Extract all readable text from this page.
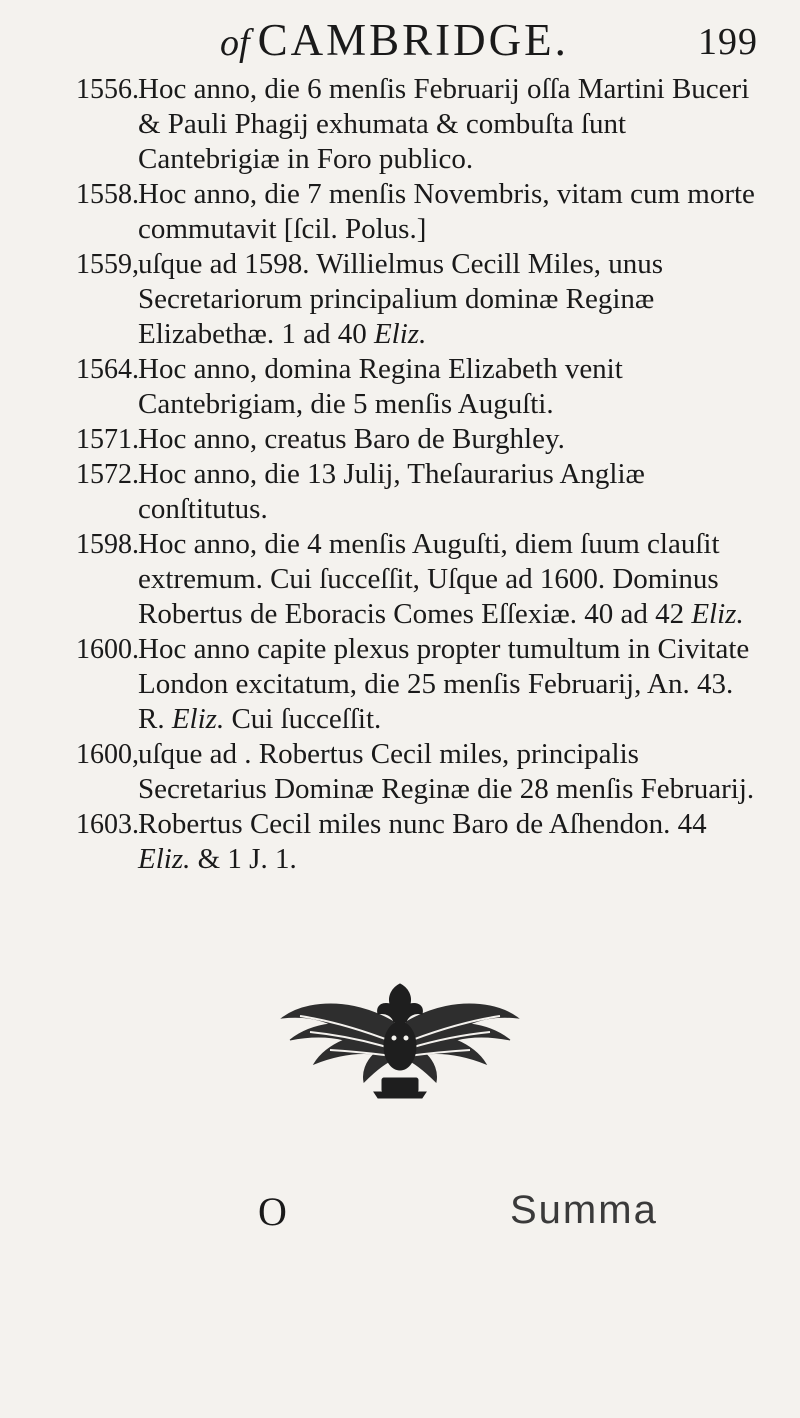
of CAMBRIDGE.	199
1556. Hoc anno, die 6 menſis Februarij oſſa Martini Buceri & Pauli Phagij exhumata & combuſta ſunt Cantebrigiæ in Foro publico.
1558. Hoc anno, die 7 menſis Novembris, vitam cum morte commutavit [ſcil. Polus.]
1559, uſque ad 1598. Willielmus Cecill Miles, unus Secretariorum principalium dominæ Reginæ Elizabethæ. 1 ad 40 Eliz.
1564. Hoc anno, domina Regina Elizabeth venit Cantebrigiam, die 5 menſis Auguſti.
1571. Hoc anno, creatus Baro de Burghley.
1572. Hoc anno, die 13 Julij, Theſaurarius Angliæ conſtitutus.
1598. Hoc anno, die 4 menſis Auguſti, diem ſuum clauſit extremum. Cui ſucceſſit, Uſque ad 1600. Dominus Robertus de Eboracis Comes Eſſexiæ. 40 ad 42 Eliz.
1600. Hoc anno capite plexus propter tumultum in Civitate London excitatum, die 25 menſis Februarij, An. 43. R. Eliz. Cui ſucceſſit.
1600, uſque ad . Robertus Cecil miles, principalis Secretarius Dominæ Reginæ die 28 menſis Februarij.
1603. Robertus Cecil miles nunc Baro de Aſhendon. 44 Eliz. & 1 J. 1.
O	Summa
